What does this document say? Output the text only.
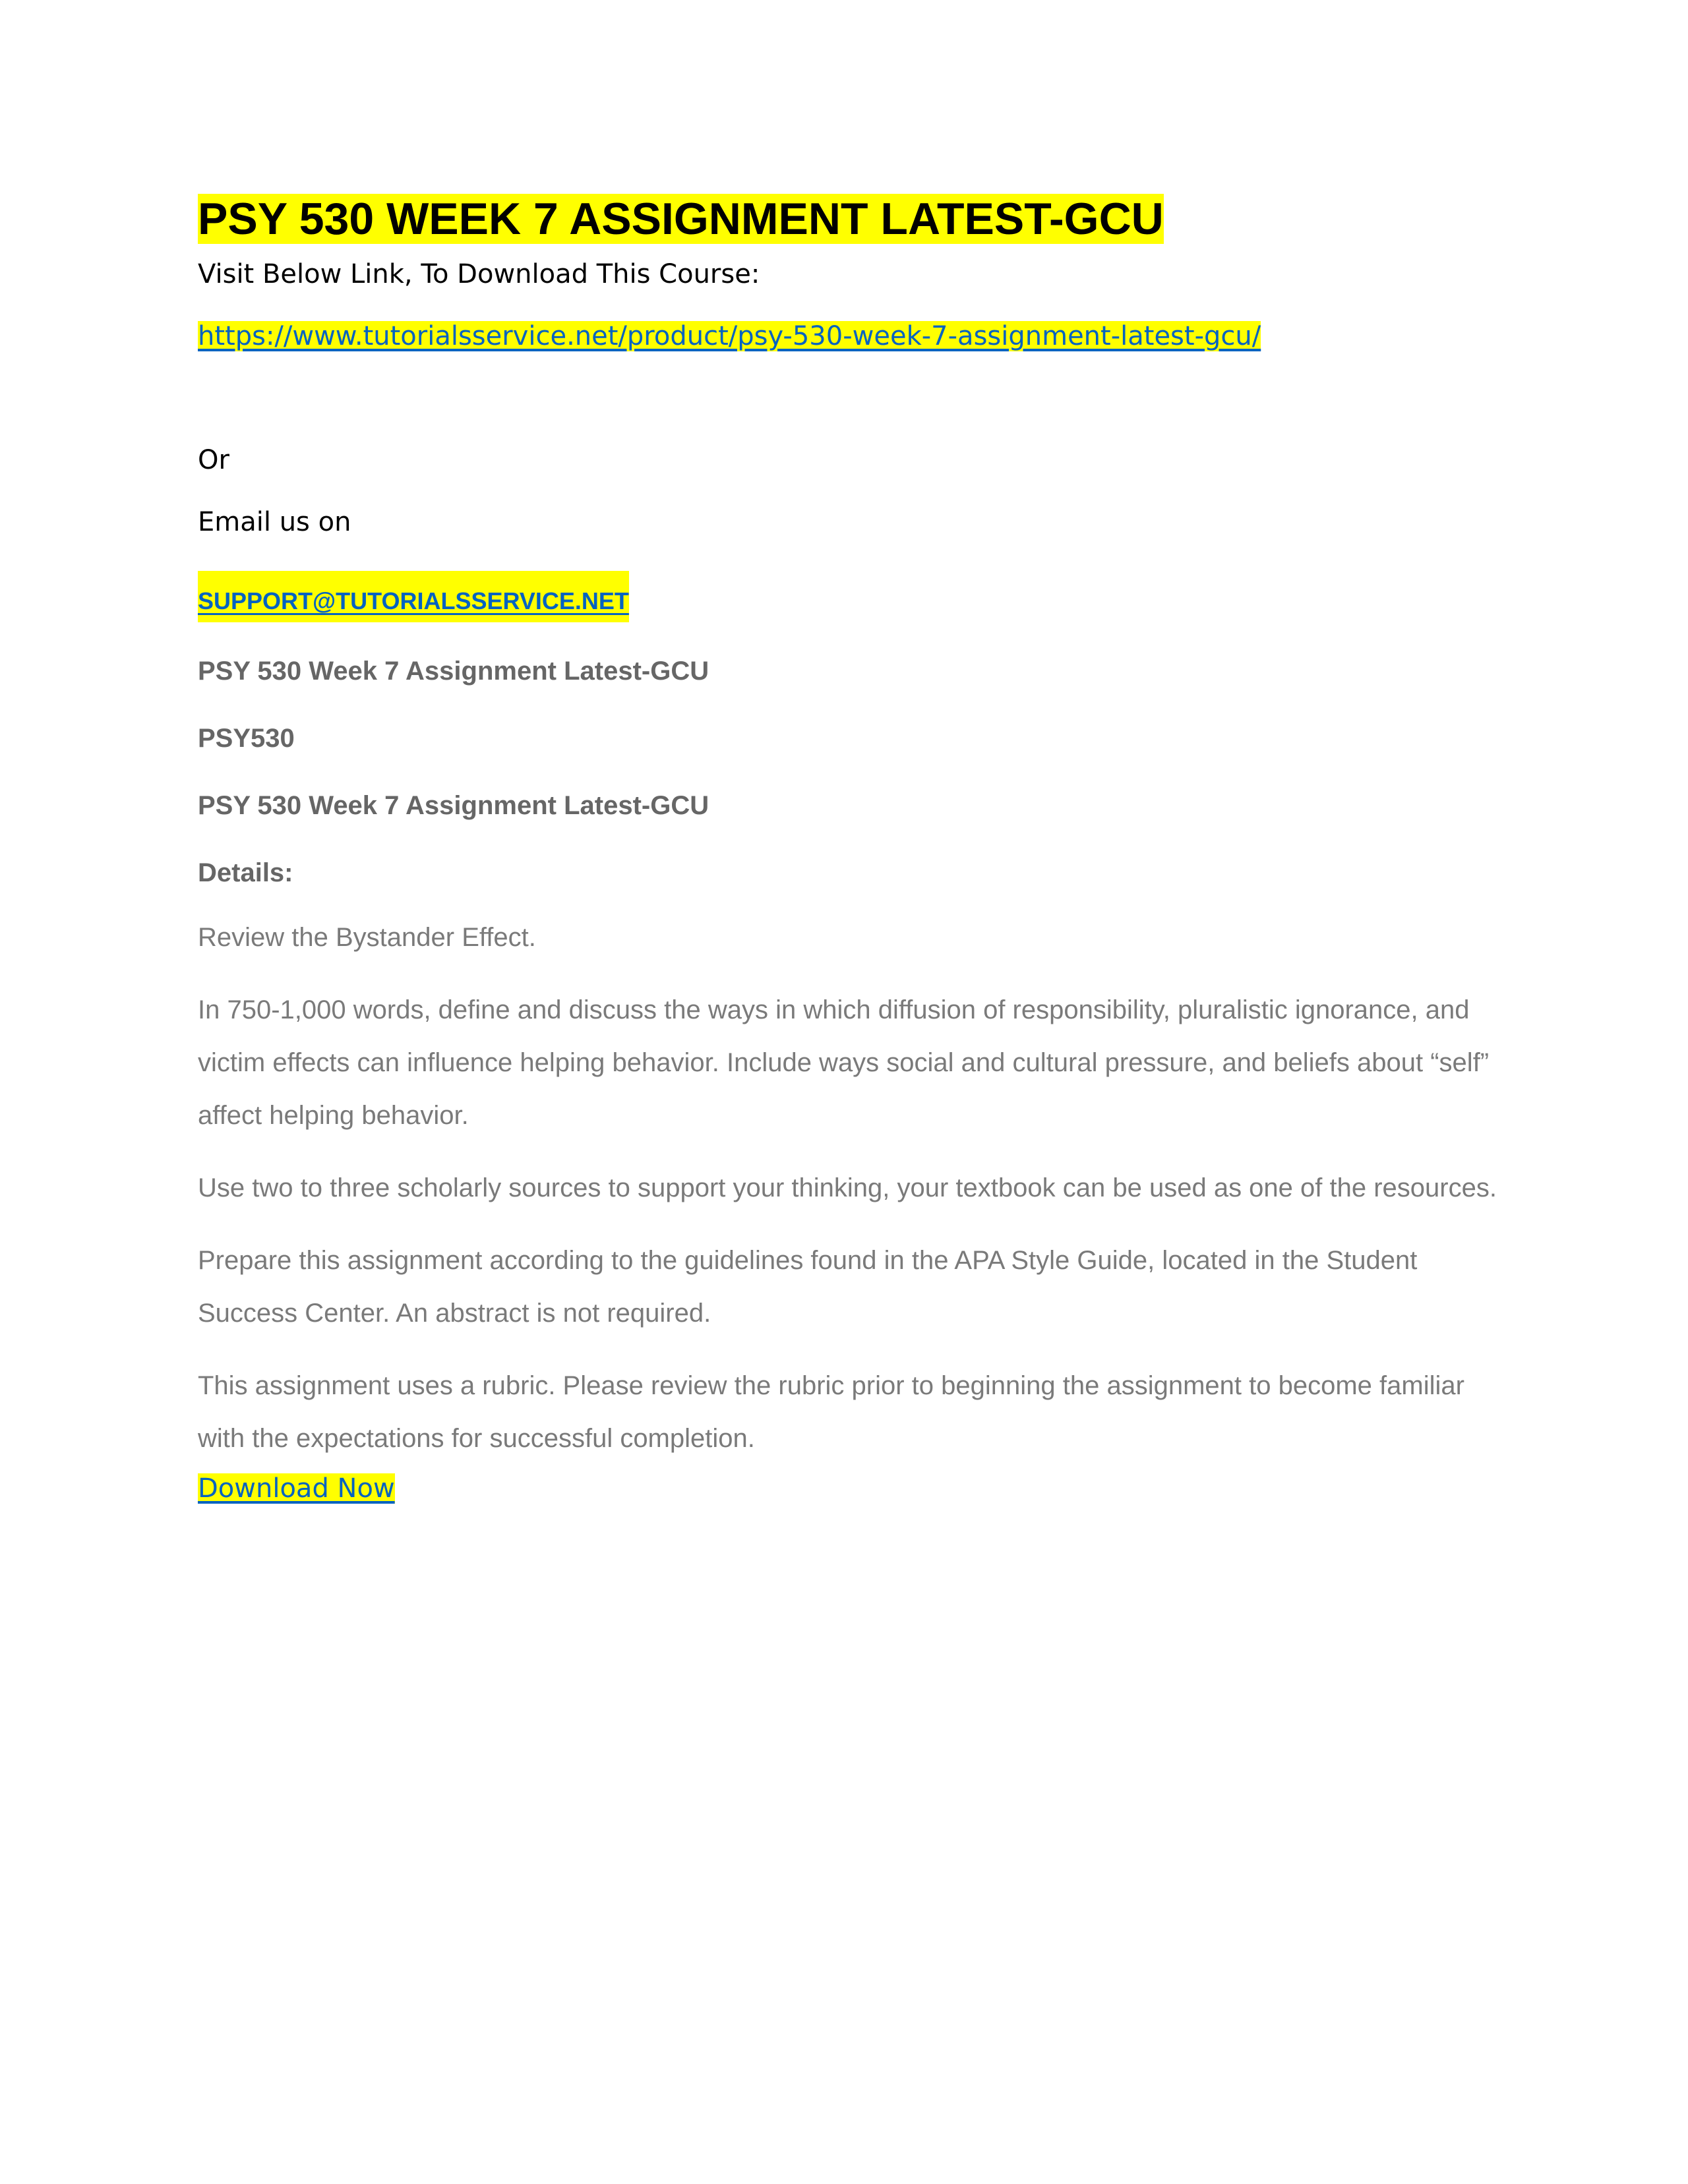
PSY 530 WEEK 7 ASSIGNMENT LATEST-GCU

Visit Below Link, To Download This Course:

https://www.tutorialsservice.net/product/psy-530-week-7-assignment-latest-gcu/

Or

Email us on

SUPPORT@TUTORIALSSERVICE.NET

PSY 530 Week 7 Assignment Latest-GCU

PSY530

PSY 530 Week 7 Assignment Latest-GCU

Details:

Review the Bystander Effect.

In 750-1,000 words, define and discuss the ways in which diffusion of responsibility, pluralistic ignorance, and victim effects can influence helping behavior. Include ways social and cultural pressure, and beliefs about “self” affect helping behavior.

Use two to three scholarly sources to support your thinking, your textbook can be used as one of the resources.

Prepare this assignment according to the guidelines found in the APA Style Guide, located in the Student Success Center. An abstract is not required.

This assignment uses a rubric. Please review the rubric prior to beginning the assignment to become familiar with the expectations for successful completion.

Download Now
